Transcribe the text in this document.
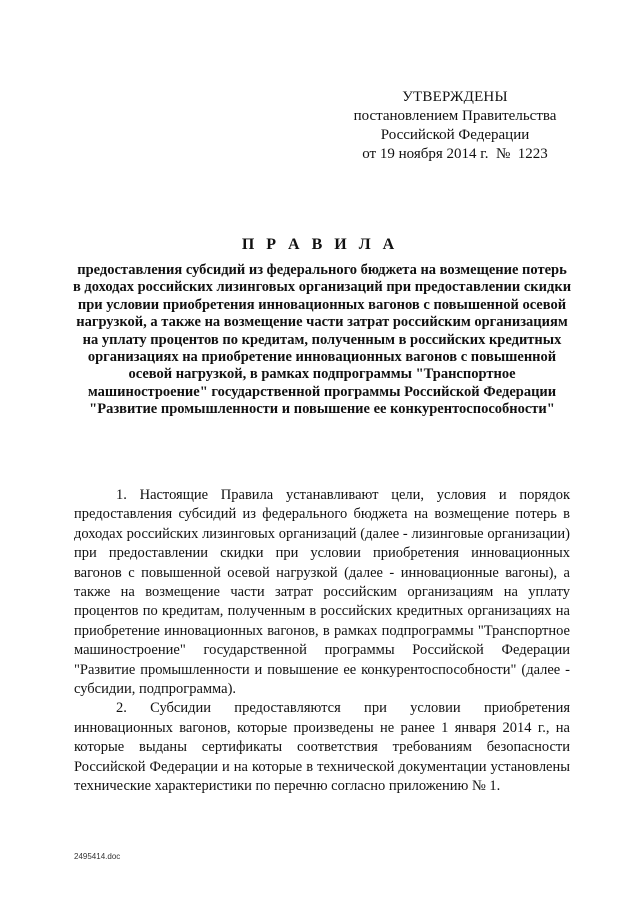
УТВЕРЖДЕНЫ
постановлением Правительства
Российской Федерации
от 19 ноября 2014 г.  №  1223
П Р А В И Л А
предоставления субсидий из федерального бюджета на возмещение потерь в доходах российских лизинговых организаций при предоставлении скидки при условии приобретения инновационных вагонов с повышенной осевой нагрузкой, а также на возмещение части затрат российским организациям на уплату процентов по кредитам, полученным в российских кредитных организациях на приобретение инновационных вагонов с повышенной осевой нагрузкой, в рамках подпрограммы "Транспортное машиностроение" государственной программы Российской Федерации "Развитие промышленности и повышение ее конкурентоспособности"

1. Настоящие Правила устанавливают цели, условия и порядок предоставления субсидий из федерального бюджета на возмещение потерь в доходах российских лизинговых организаций (далее - лизинговые организации) при предоставлении скидки при условии приобретения инновационных вагонов с повышенной осевой нагрузкой (далее - инновационные вагоны), а также на возмещение части затрат российским организациям на уплату процентов по кредитам, полученным в российских кредитных организациях на приобретение инновационных вагонов, в рамках подпрограммы "Транспортное машиностроение" государственной программы Российской Федерации "Развитие промышленности и повышение ее конкурентоспособности" (далее - субсидии, подпрограмма).

2. Субсидии предоставляются при условии приобретения инновационных вагонов, которые произведены не ранее 1 января 2014 г., на которые выданы сертификаты соответствия требованиям безопасности Российской Федерации и на которые в технической документации установлены технические характеристики по перечню согласно приложению № 1.

2495414.doc
